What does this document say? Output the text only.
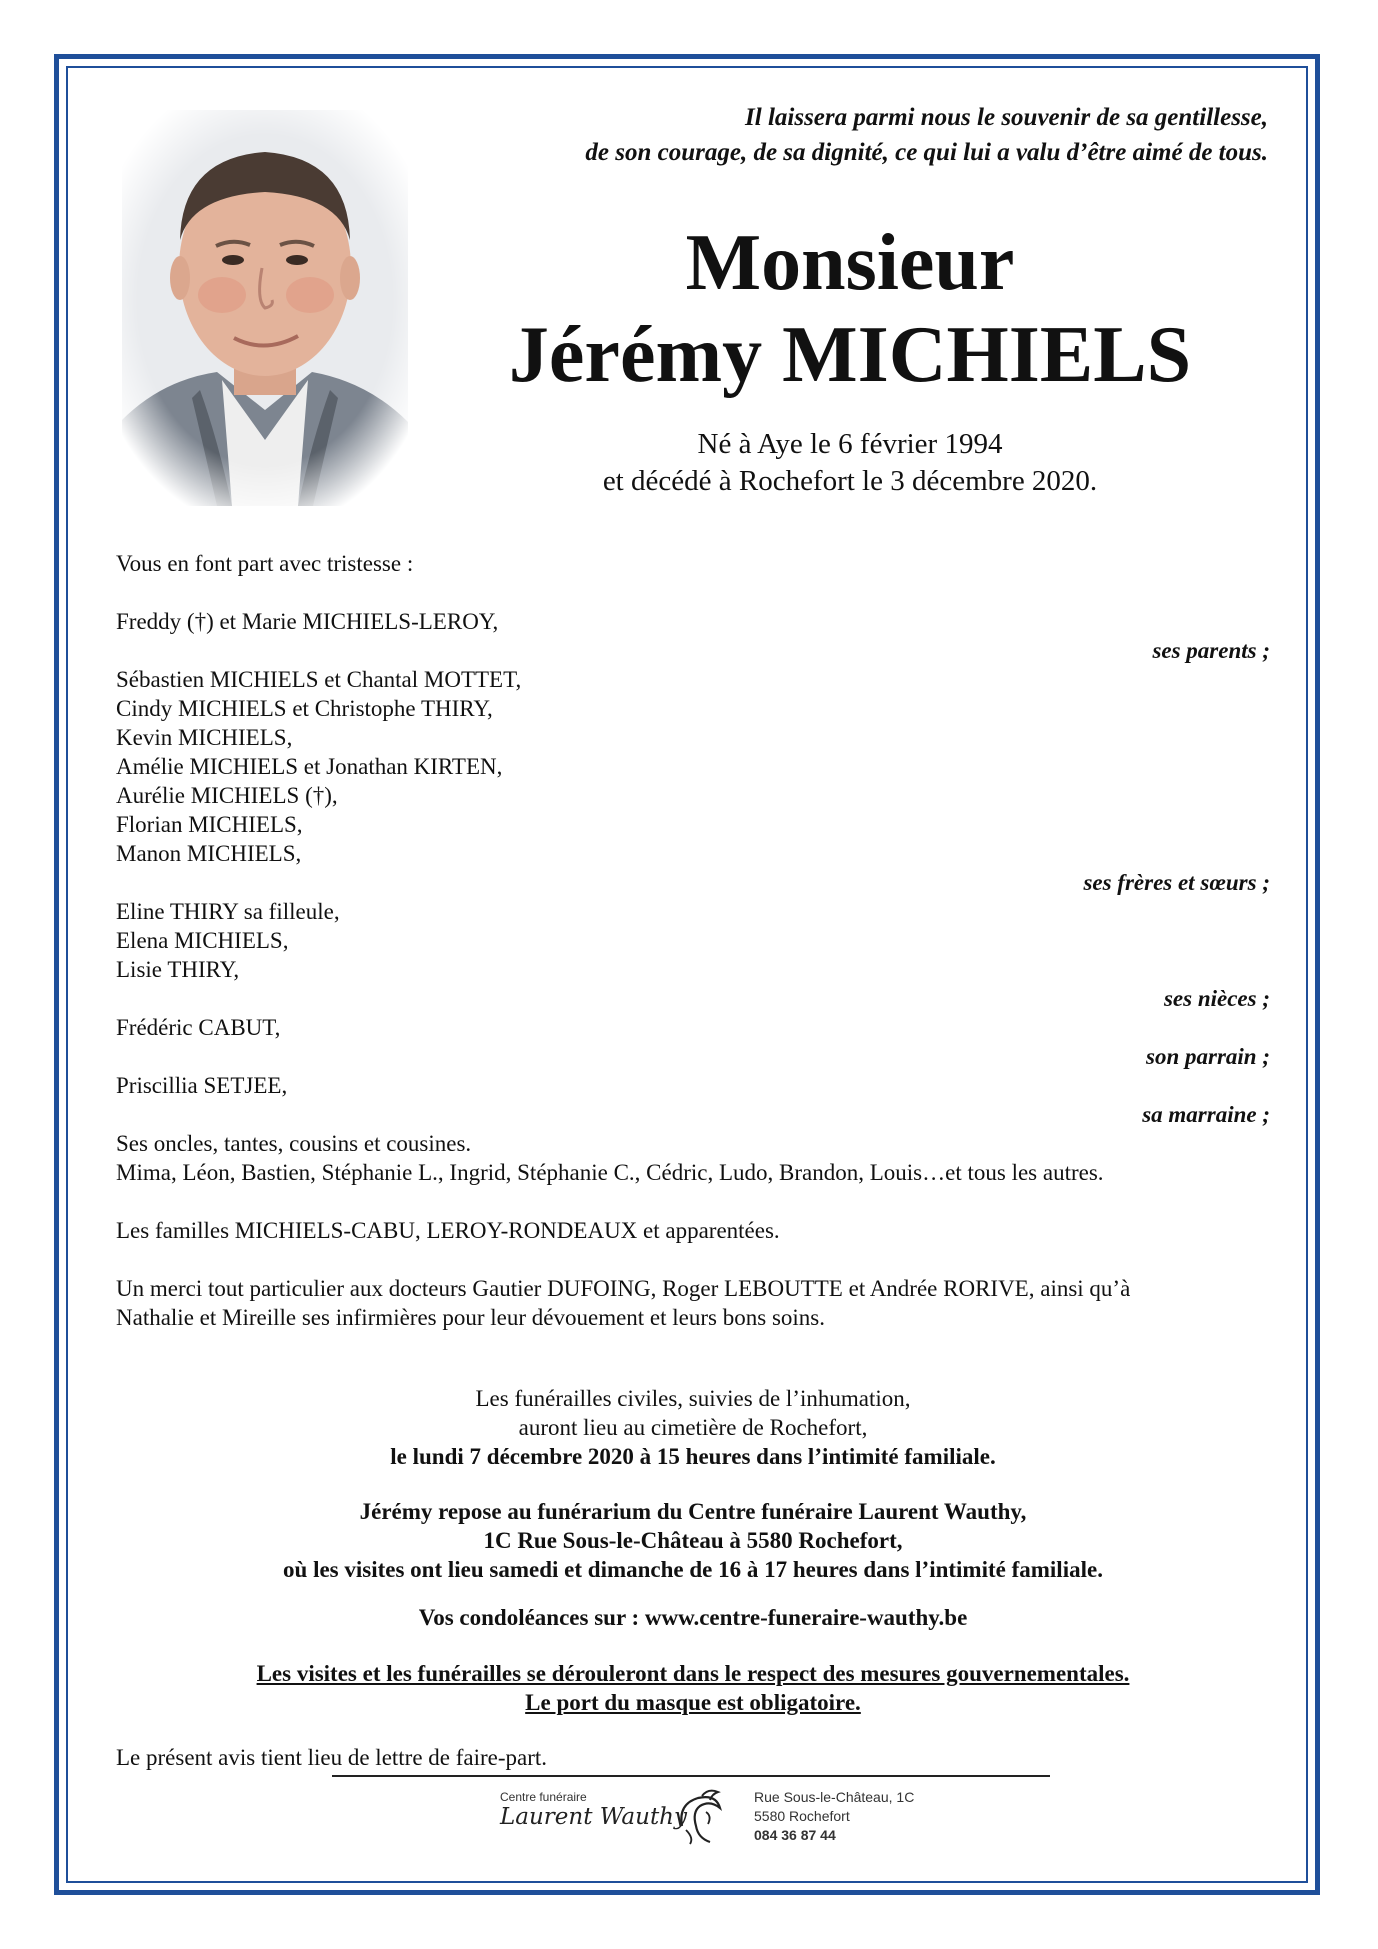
Il laissera parmi nous le souvenir de sa gentillesse,
de son courage, de sa dignité, ce qui lui a valu d’être aimé de tous.
Monsieur
Jérémy MICHIELS
Né à Aye le 6 février 1994
et décédé à Rochefort le 3 décembre 2020.
Vous en font part avec tristesse :
Freddy (†) et Marie MICHIELS-LEROY,
ses parents ;
Sébastien MICHIELS et Chantal MOTTET,
Cindy MICHIELS et Christophe THIRY,
Kevin MICHIELS,
Amélie MICHIELS et Jonathan KIRTEN,
Aurélie MICHIELS (†),
Florian MICHIELS,
Manon MICHIELS,
ses frères et sœurs ;
Eline THIRY sa filleule,
Elena MICHIELS,
Lisie THIRY,
ses nièces ;
Frédéric CABUT,
son parrain ;
Priscillia SETJEE,
sa marraine ;
Ses oncles, tantes, cousins et cousines.
Mima, Léon, Bastien, Stéphanie L., Ingrid, Stéphanie C., Cédric, Ludo, Brandon, Louis…et tous les autres.
Les familles MICHIELS-CABU, LEROY-RONDEAUX et apparentées.
Un merci tout particulier aux docteurs Gautier DUFOING, Roger LEBOUTTE et Andrée RORIVE, ainsi qu’à
Nathalie et Mireille ses infirmières pour leur dévouement et leurs bons soins.
Les funérailles civiles, suivies de l’inhumation,
auront lieu au cimetière de Rochefort,
le lundi 7 décembre 2020 à 15 heures dans l’intimité familiale.
Jérémy repose au funérarium du Centre funéraire Laurent Wauthy,
1C Rue Sous-le-Château à 5580 Rochefort,
où les visites ont lieu samedi et dimanche de 16 à 17 heures dans l’intimité familiale.
Vos condoléances sur : www.centre-funeraire-wauthy.be
Les visites et les funérailles se dérouleront dans le respect des mesures gouvernementales.
Le port du masque est obligatoire.
Le présent avis tient lieu de lettre de faire-part.
Centre funéraire
Laurent Wauthy
Rue Sous-le-Château, 1C
5580 Rochefort
084 36 87 44
